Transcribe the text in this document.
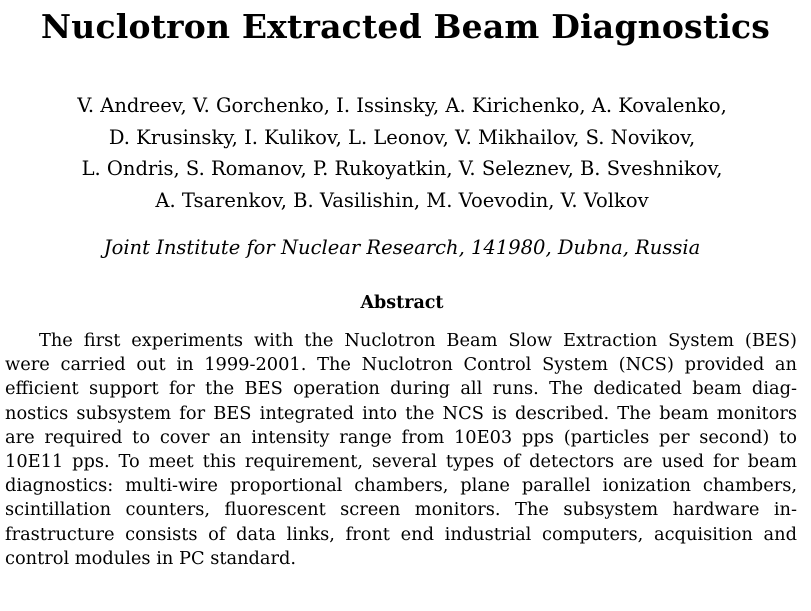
Nuclotron Extracted Beam Diagnostics
V. Andreev, V. Gorchenko, I. Issinsky, A. Kirichenko, A. Kovalenko,
D. Krusinsky, I. Kulikov, L. Leonov, V. Mikhailov, S. Novikov,
L. Ondris, S. Romanov, P. Rukoyatkin, V. Seleznev, B. Sveshnikov,
A. Tsarenkov, B. Vasilishin, M. Voevodin, V. Volkov
Joint Institute for Nuclear Research, 141980, Dubna, Russia
Abstract
The first experiments with the Nuclotron Beam Slow Extraction System (BES)
were carried out in 1999-2001. The Nuclotron Control System (NCS) provided an
efficient support for the BES operation during all runs. The dedicated beam diag-
nostics subsystem for BES integrated into the NCS is described. The beam monitors
are required to cover an intensity range from 10E03 pps (particles per second) to
10E11 pps. To meet this requirement, several types of detectors are used for beam
diagnostics: multi-wire proportional chambers, plane parallel ionization chambers,
scintillation counters, fluorescent screen monitors. The subsystem hardware in-
frastructure consists of data links, front end industrial computers, acquisition and
control modules in PC standard.
